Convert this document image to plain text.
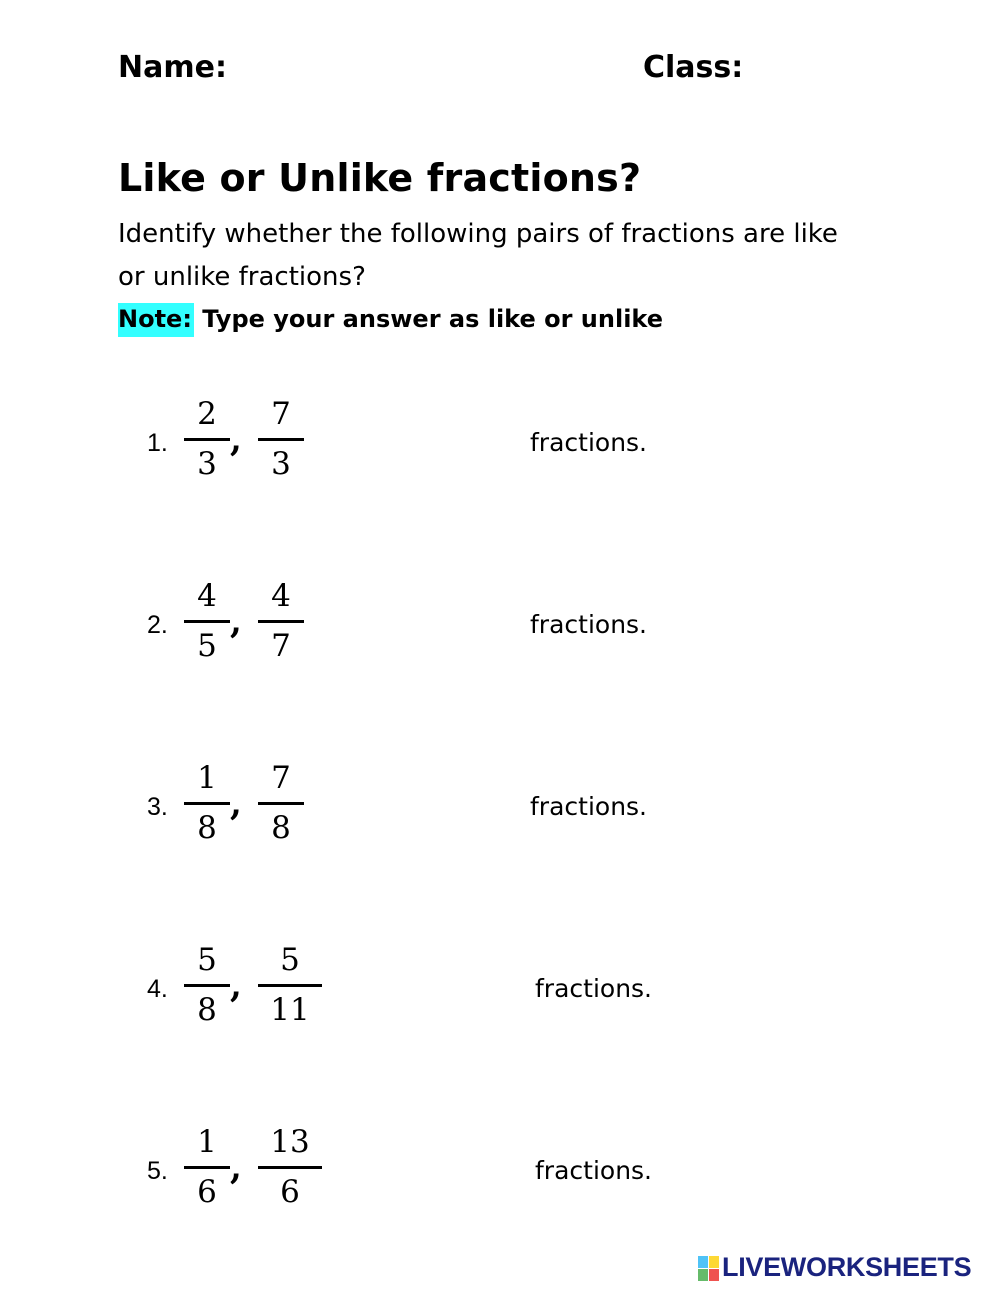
Name:	Class:
Like or Unlike fractions?
Identify whether the following pairs of fractions are like
or unlike fractions?
Note: Type your answer as like or unlike
1.
2
3
,
7
3
fractions.
2.
4
5
,
4
7
fractions.
3.
1
8
,
7
8
fractions.
4.
5
8
,
5
11
fractions.
5.
1
6
,
13
6
fractions.
LIVEWORKSHEETS
